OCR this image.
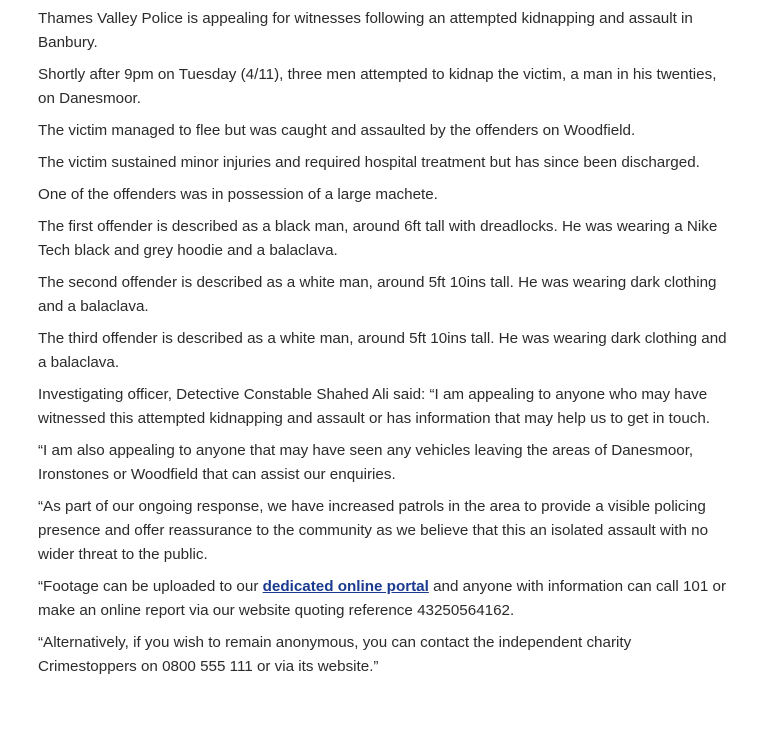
Thames Valley Police is appealing for witnesses following an attempted kidnapping and assault in Banbury.

Shortly after 9pm on Tuesday (4/11), three men attempted to kidnap the victim, a man in his twenties, on Danesmoor.

The victim managed to flee but was caught and assaulted by the offenders on Woodfield.

The victim sustained minor injuries and required hospital treatment but has since been discharged.

One of the offenders was in possession of a large machete.

The first offender is described as a black man, around 6ft tall with dreadlocks. He was wearing a Nike Tech black and grey hoodie and a balaclava.

The second offender is described as a white man, around 5ft 10ins tall. He was wearing dark clothing and a balaclava.

The third offender is described as a white man, around 5ft 10ins tall. He was wearing dark clothing and a balaclava.

Investigating officer, Detective Constable Shahed Ali said: “I am appealing to anyone who may have witnessed this attempted kidnapping and assault or has information that may help us to get in touch.

“I am also appealing to anyone that may have seen any vehicles leaving the areas of Danesmoor, Ironstones or Woodfield that can assist our enquiries.

“As part of our ongoing response, we have increased patrols in the area to provide a visible policing presence and offer reassurance to the community as we believe that this an isolated assault with no wider threat to the public.

“Footage can be uploaded to our dedicated online portal and anyone with information can call 101 or make an online report via our website quoting reference 43250564162.

“Alternatively, if you wish to remain anonymous, you can contact the independent charity Crimestoppers on 0800 555 111 or via its website.”
